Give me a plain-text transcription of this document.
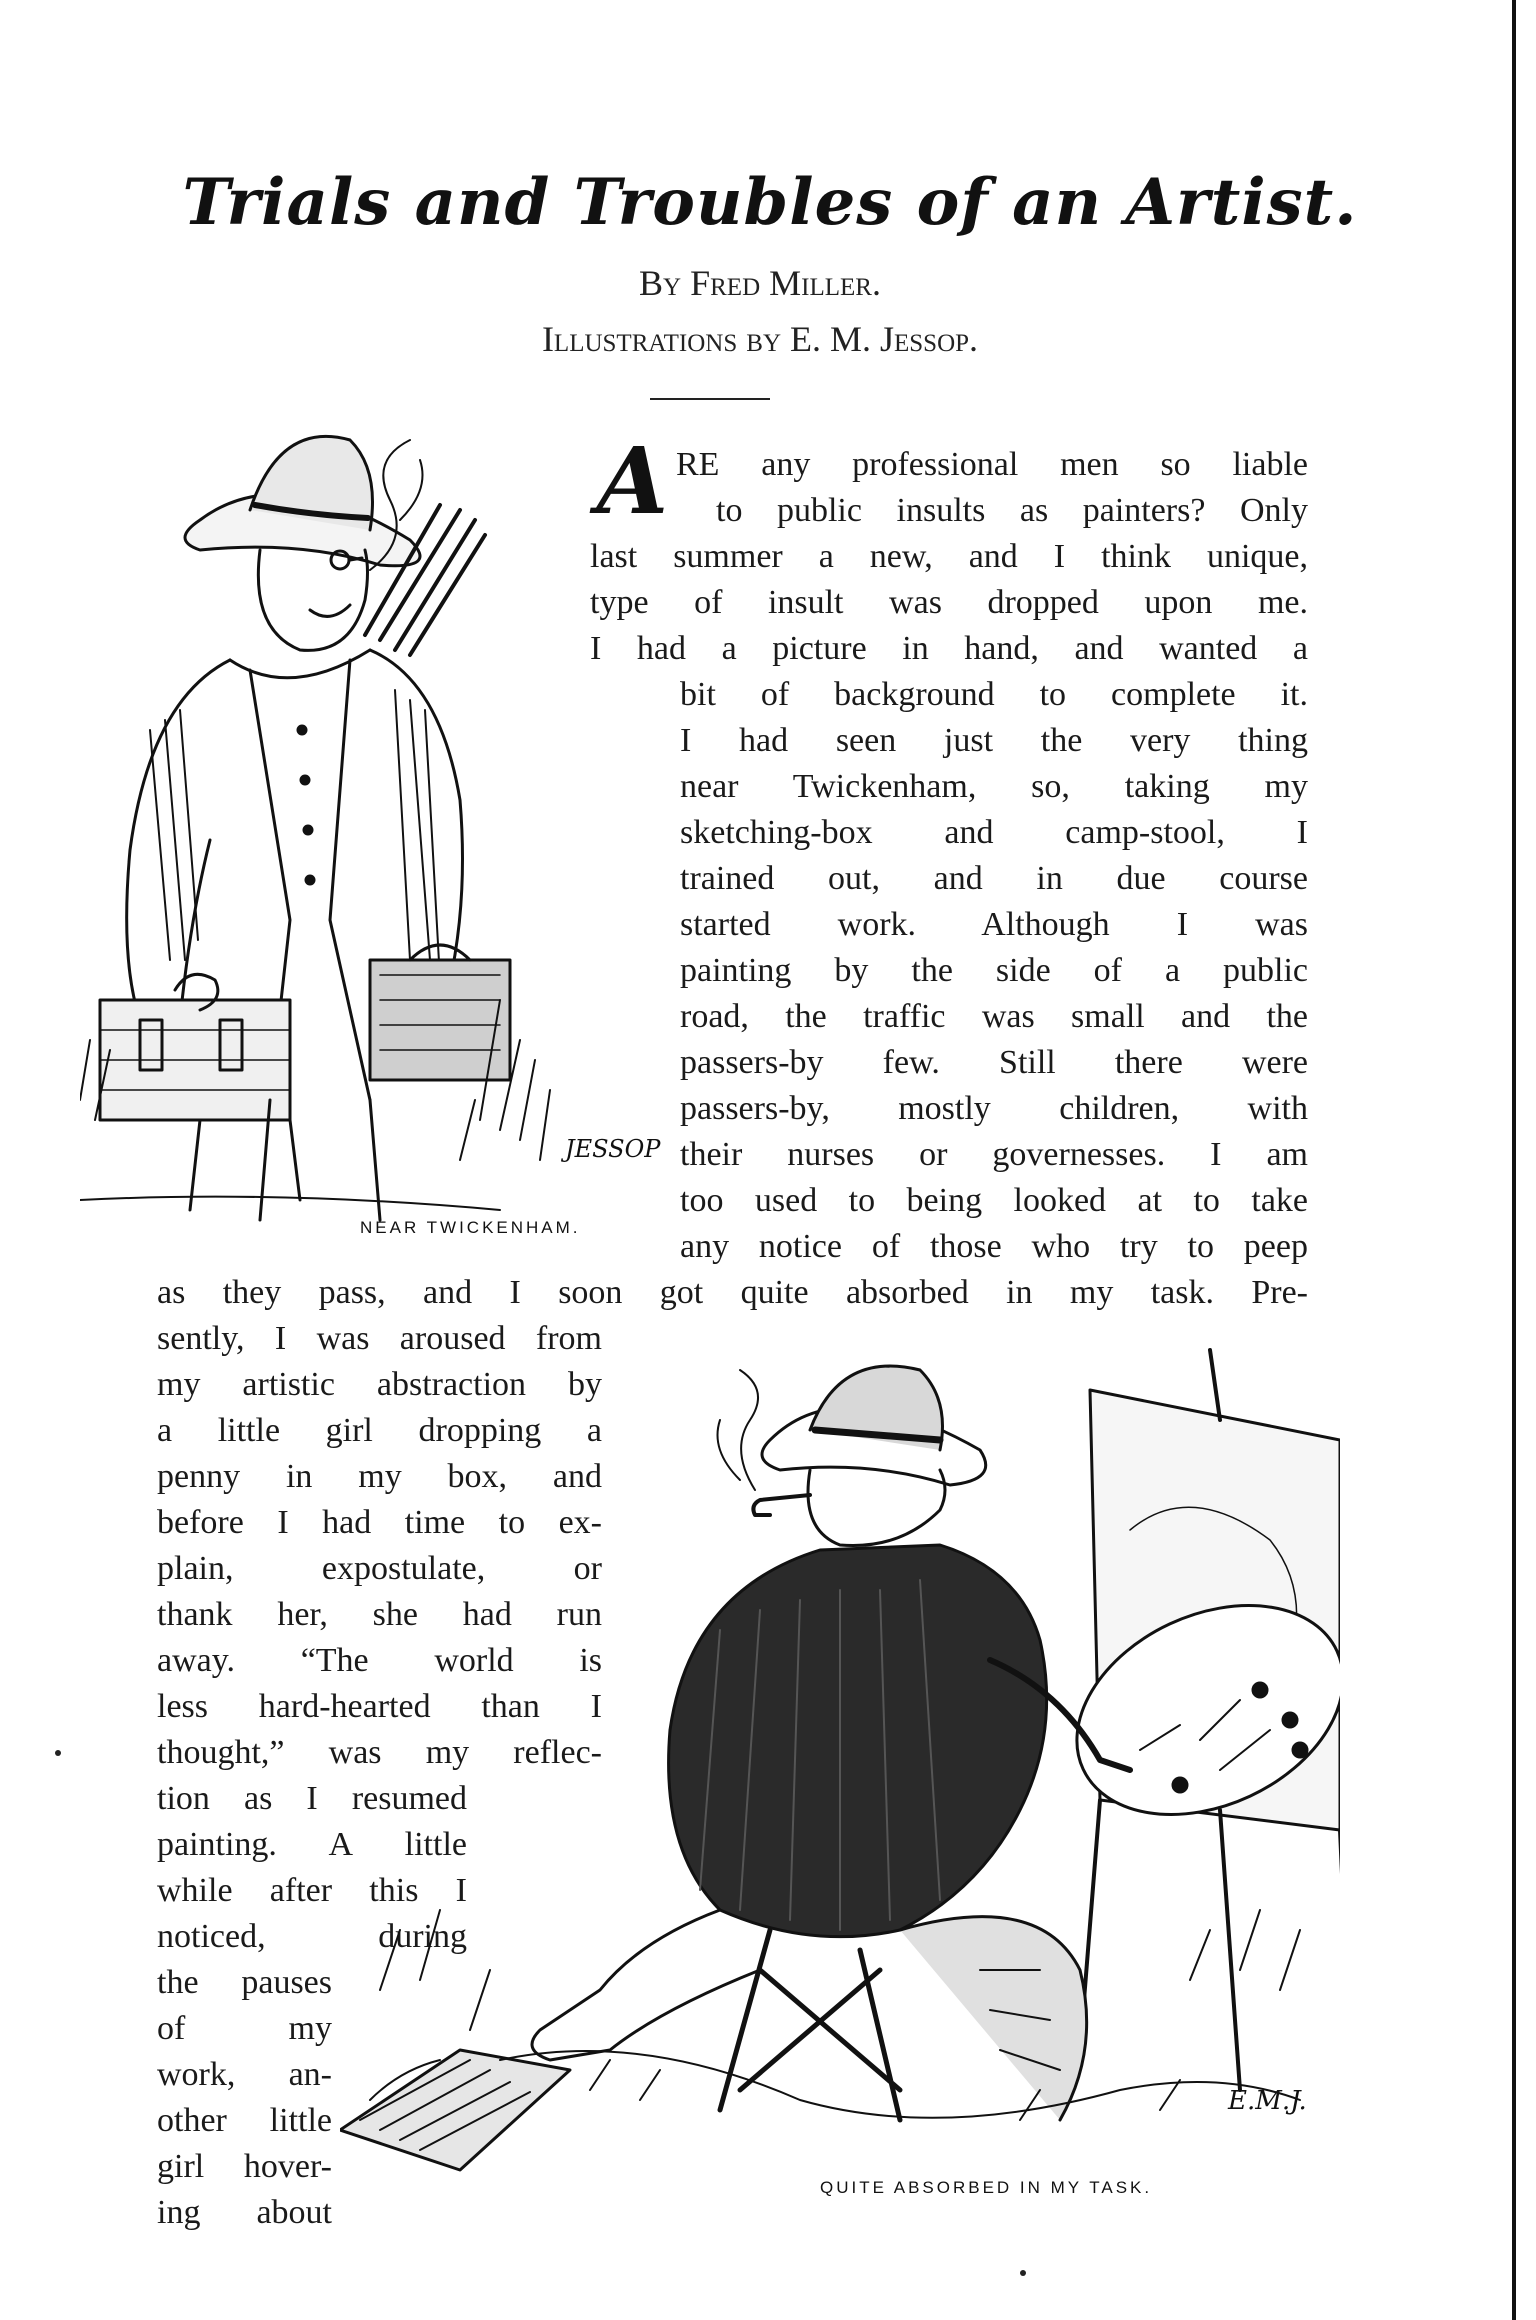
Trials and Troubles of an Artist.
By Fred Miller.
Illustrations by E. M. Jessop.
JESSOP
NEAR TWICKENHAM.
A RE any professional men so liable
to public insults as painters? Only
last summer a new, and I think unique,
type of insult was dropped upon me.
I had a picture in hand, and wanted a
bit of background to complete it.
I had seen just the very thing
near Twickenham, so, taking my
sketching-box and camp-stool, I
trained out, and in due course
started work. Although I was
painting by the side of a public
road, the traffic was small and the
passers-by few. Still there were
passers-by, mostly children, with
their nurses or governesses. I am
too used to being looked at to take
any notice of those who try to peep
as they pass, and I soon got quite absorbed in my task. Pre-
sently, I was aroused from
my artistic abstraction by
a little girl dropping a
penny in my box, and
before I had time to ex-
plain, expostulate, or
thank her, she had run
away. “The world is
less hard-hearted than I
thought,” was my reflec-
tion as I resumed
painting. A little
while after this I
noticed, during
the pauses
of my
work, an-
other little
girl hover-
ing about
E.M.J.
QUITE ABSORBED IN MY TASK.
